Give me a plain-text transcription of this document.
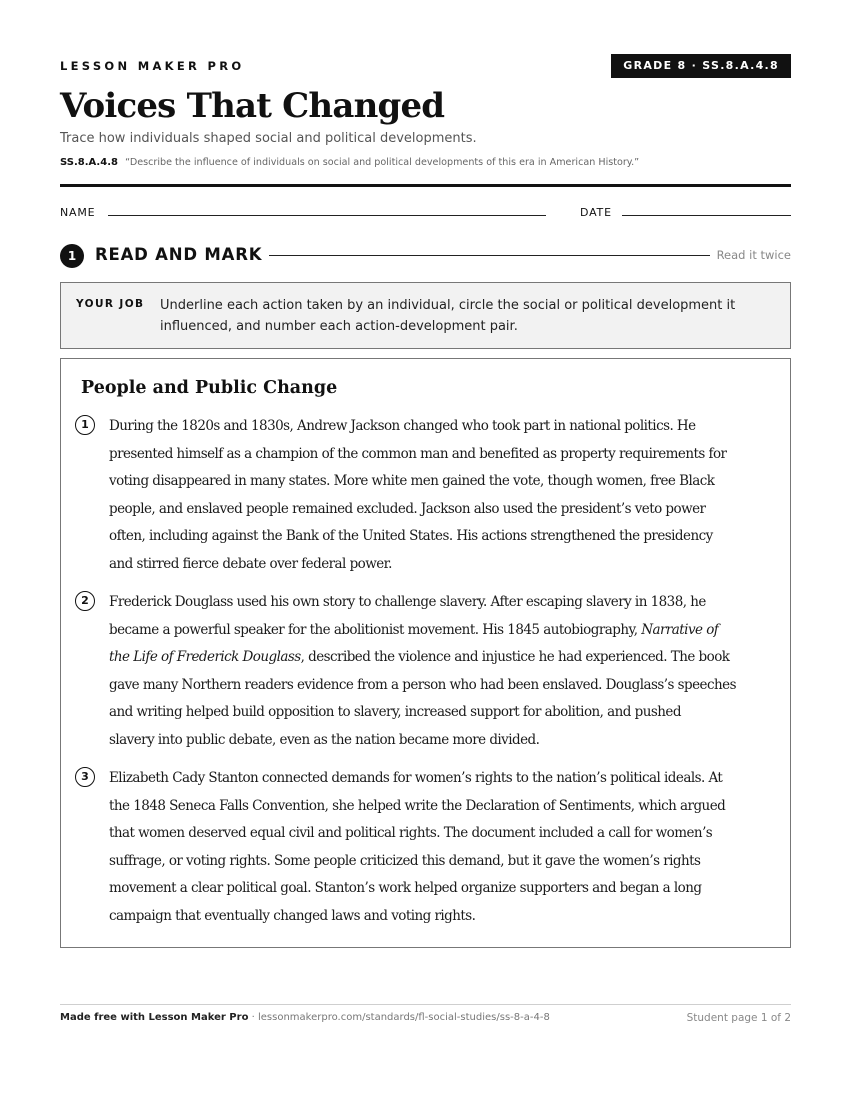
LESSON MAKER PRO	GRADE 8 · SS.8.A.4.8
Voices That Changed
Trace how individuals shaped social and political developments.
SS.8.A.4.8 “Describe the influence of individuals on social and political developments of this era in American History.”
NAME	DATE
1	READ AND MARK	Read it twice
YOUR JOB Underline each action taken by an individual, circle the social or political development it influenced, and number each action-development pair.
People and Public Change
1	During the 1820s and 1830s, Andrew Jackson changed who took part in national politics. He

presented himself as a champion of the common man and benefited as property requirements for

voting disappeared in many states. More white men gained the vote, though women, free Black

people, and enslaved people remained excluded. Jackson also used the president’s veto power

often, including against the Bank of the United States. His actions strengthened the presidency

and stirred fierce debate over federal power.

2	Frederick Douglass used his own story to challenge slavery. After escaping slavery in 1838, he

became a powerful speaker for the abolitionist movement. His 1845 autobiography, Narrative of

the Life of Frederick Douglass, described the violence and injustice he had experienced. The book

gave many Northern readers evidence from a person who had been enslaved. Douglass’s speeches

and writing helped build opposition to slavery, increased support for abolition, and pushed

slavery into public debate, even as the nation became more divided.

3	Elizabeth Cady Stanton connected demands for women’s rights to the nation’s political ideals. At

the 1848 Seneca Falls Convention, she helped write the Declaration of Sentiments, which argued

that women deserved equal civil and political rights. The document included a call for women’s

suffrage, or voting rights. Some people criticized this demand, but it gave the women’s rights

movement a clear political goal. Stanton’s work helped organize supporters and began a long

campaign that eventually changed laws and voting rights.

Made free with Lesson Maker Pro · lessonmakerpro.com/standards/fl-social-studies/ss-8-a-4-8	Student page 1 of 2
